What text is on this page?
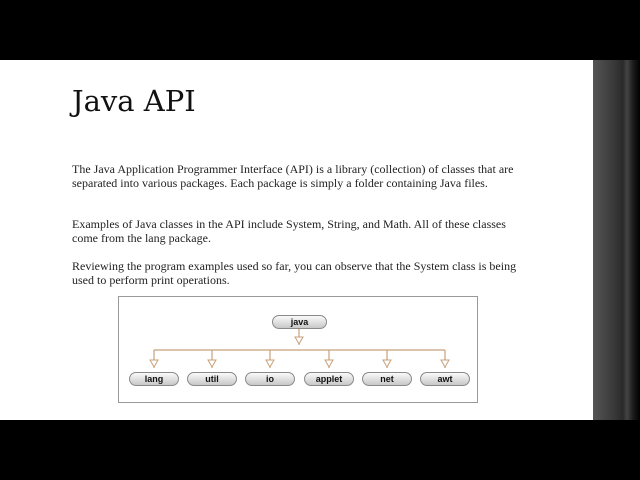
Java API
The Java Application Programmer Interface (API) is a library (collection) of classes that are separated into various packages. Each package is simply a folder containing Java files.
Examples of Java classes in the API include System, String, and Math. All of these classes come from the lang package.
Reviewing the program examples used so far, you can observe that the System class is being used to perform print operations.
java
lang	util	io	applet	net	awt
